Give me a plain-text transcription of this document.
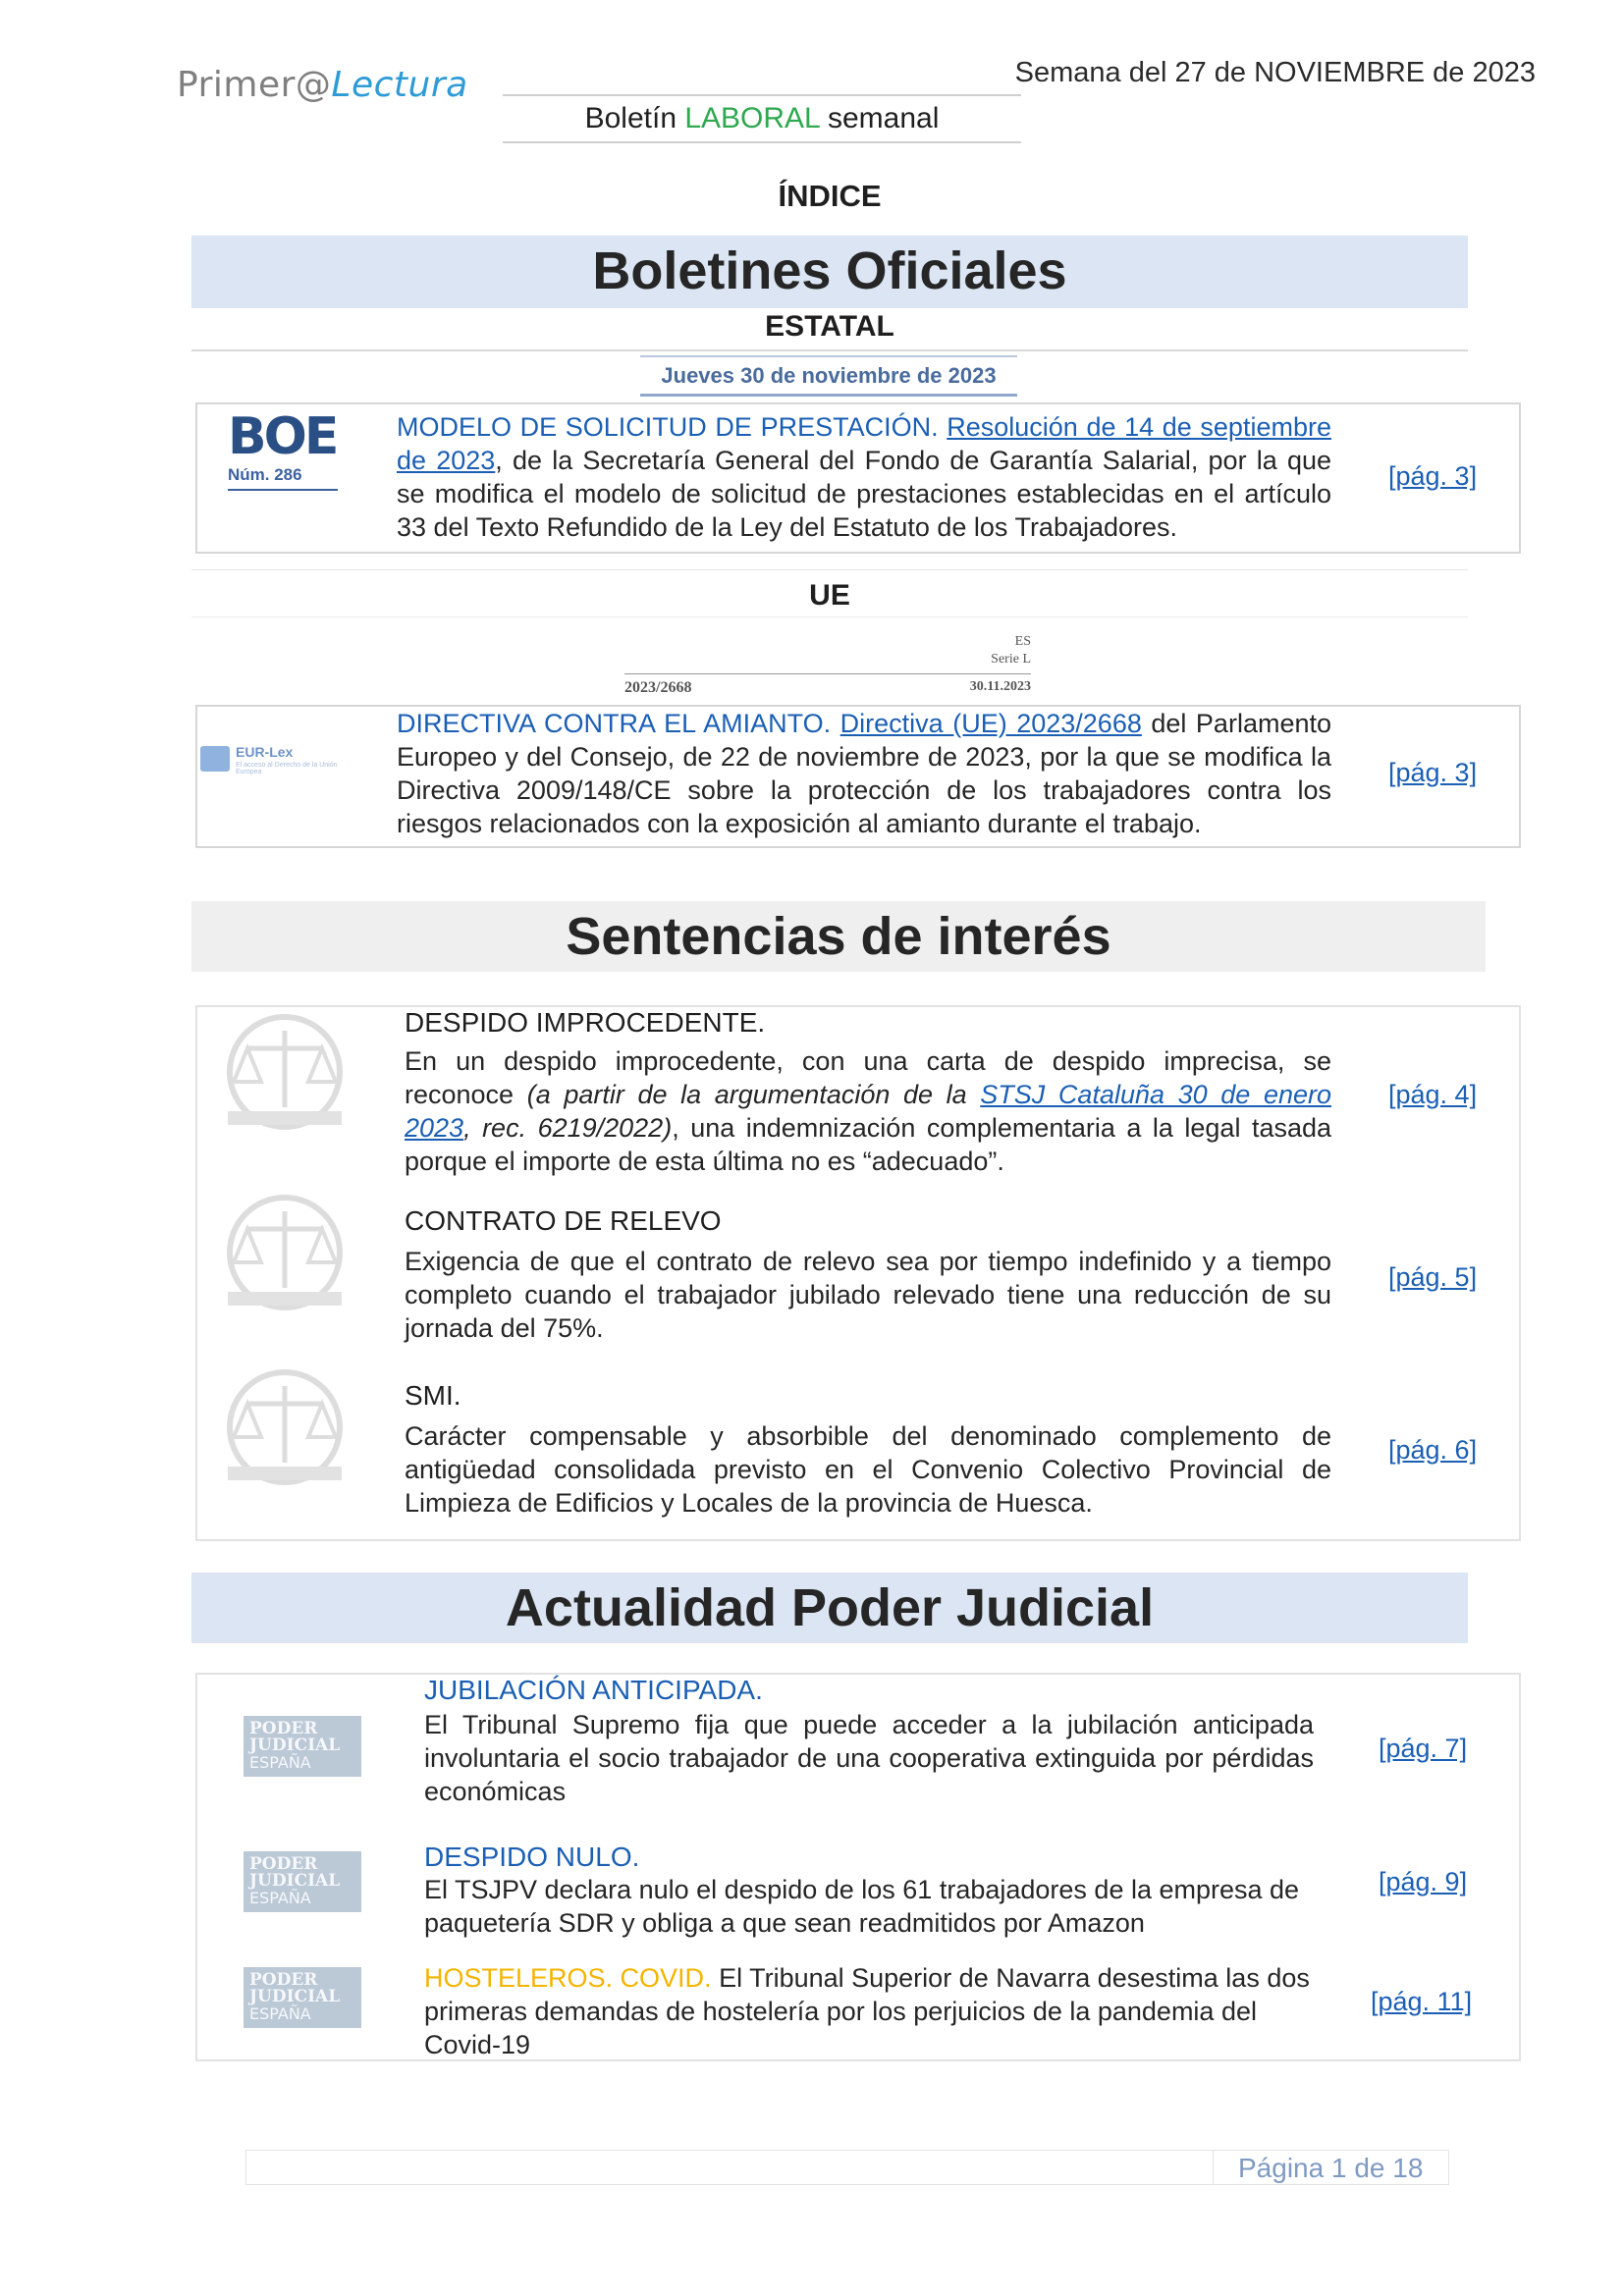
Primer@Lectura	Semana del 27 de NOVIEMBRE de 2023
Boletín LABORAL semanal
ÍNDICE
Boletines Oficiales
ESTATAL
Jueves 30 de noviembre de 2023
BOE
Núm. 286
MODELO DE SOLICITUD DE PRESTACIÓN. Resolución de 14 de septiembre de 2023, de la Secretaría General del Fondo de Garantía Salarial, por la que se modifica el modelo de solicitud de prestaciones establecidas en el artículo 33 del Texto Refundido de la Ley del Estatuto de los Trabajadores.
[pág. 3]
UE
ES
Serie L
2023/2668	30.11.2023
EUR-Lex
El acceso al Derecho de la Unión Europea
DIRECTIVA CONTRA EL AMIANTO. Directiva (UE) 2023/2668 del Parlamento Europeo y del Consejo, de 22 de noviembre de 2023, por la que se modifica la Directiva 2009/148/CE sobre la protección de los trabajadores contra los riesgos relacionados con la exposición al amianto durante el trabajo.
[pág. 3]
Sentencias de interés
DESPIDO IMPROCEDENTE.
En un despido improcedente, con una carta de despido imprecisa, se reconoce (a partir de la argumentación de la STSJ Cataluña 30 de enero 2023, rec. 6219/2022), una indemnización complementaria a la legal tasada porque el importe de esta última no es “adecuado”.
[pág. 4]
CONTRATO DE RELEVO
Exigencia de que el contrato de relevo sea por tiempo indefinido y a tiempo completo cuando el trabajador jubilado relevado tiene una reducción de su jornada del 75%.
[pág. 5]
SMI.
Carácter compensable y absorbible del denominado complemento de antigüedad consolidada previsto en el Convenio Colectivo Provincial de Limpieza de Edificios y Locales de la provincia de Huesca.
[pág. 6]
Actualidad Poder Judicial
PODER
JUDICIAL
ESPAÑA
PODER
JUDICIAL
ESPAÑA
PODER
JUDICIAL
ESPAÑA
JUBILACIÓN ANTICIPADA.
El Tribunal Supremo fija que puede acceder a la jubilación anticipada involuntaria el socio trabajador de una cooperativa extinguida por pérdidas económicas
[pág. 7]
DESPIDO NULO.
El TSJPV declara nulo el despido de los 61 trabajadores de la empresa de paquetería SDR y obliga a que sean readmitidos por Amazon
[pág. 9]
HOSTELEROS. COVID. El Tribunal Superior de Navarra desestima las dos primeras demandas de hostelería por los perjuicios de la pandemia del Covid-19
[pág. 11]
Página 1 de 18
